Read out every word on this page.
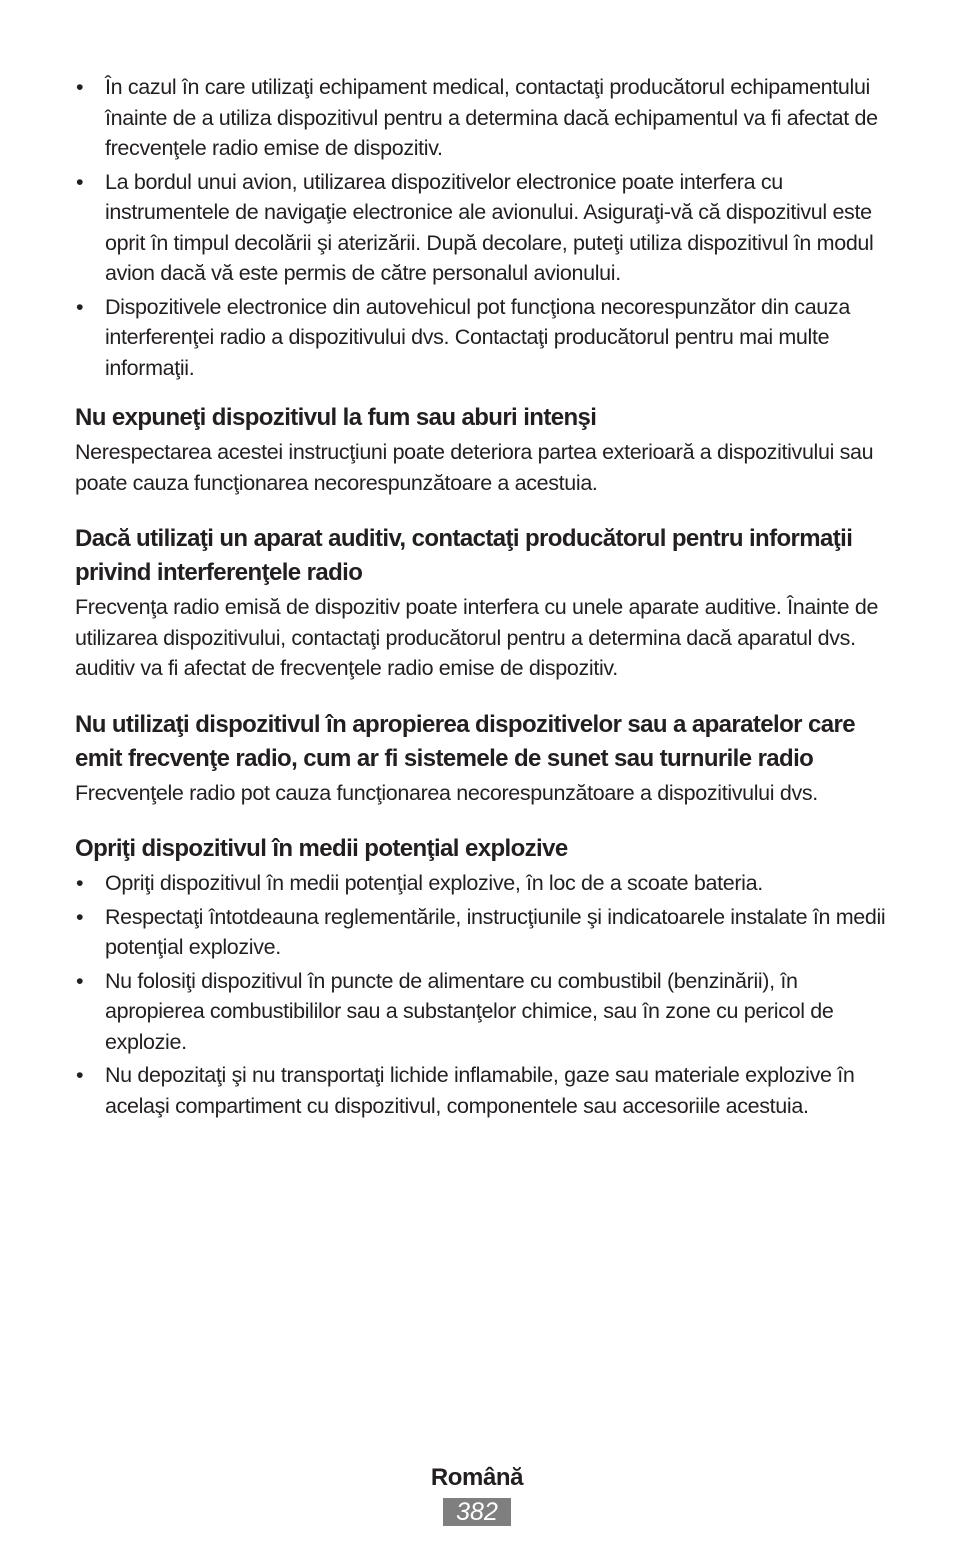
• În cazul în care utilizaţi echipament medical, contactaţi producătorul echipamentului înainte de a utiliza dispozitivul pentru a determina dacă echipamentul va fi afectat de frecvenţele radio emise de dispozitiv.
• La bordul unui avion, utilizarea dispozitivelor electronice poate interfera cu instrumentele de navigaţie electronice ale avionului. Asiguraţi-vă că dispozitivul este oprit în timpul decolării şi aterizării. După decolare, puteţi utiliza dispozitivul în modul avion dacă vă este permis de către personalul avionului.
• Dispozitivele electronice din autovehicul pot funcţiona necorespunzător din cauza interferenţei radio a dispozitivului dvs. Contactaţi producătorul pentru mai multe informaţii.
Nu expuneţi dispozitivul la fum sau aburi intenşi

Nerespectarea acestei instrucţiuni poate deteriora partea exterioară a dispozitivului sau poate cauza funcţionarea necorespunzătoare a acestuia.

Dacă utilizaţi un aparat auditiv, contactaţi producătorul pentru informaţii privind interferenţele radio

Frecvenţa radio emisă de dispozitiv poate interfera cu unele aparate auditive. Înainte de utilizarea dispozitivului, contactaţi producătorul pentru a determina dacă aparatul dvs. auditiv va fi afectat de frecvenţele radio emise de dispozitiv.

Nu utilizaţi dispozitivul în apropierea dispozitivelor sau a aparatelor care emit frecvenţe radio, cum ar fi sistemele de sunet sau turnurile radio

Frecvenţele radio pot cauza funcţionarea necorespunzătoare a dispozitivului dvs.

Opriţi dispozitivul în medii potenţial explozive
• Opriţi dispozitivul în medii potenţial explozive, în loc de a scoate bateria.
• Respectaţi întotdeauna reglementările, instrucţiunile şi indicatoarele instalate în medii potenţial explozive.
• Nu folosiţi dispozitivul în puncte de alimentare cu combustibil (benzinării), în apropierea combustibililor sau a substanţelor chimice, sau în zone cu pericol de explozie.
• Nu depozitaţi şi nu transportaţi lichide inflamabile, gaze sau materiale explozive în acelaşi compartiment cu dispozitivul, componentele sau accesoriile acestuia.
Română
382
